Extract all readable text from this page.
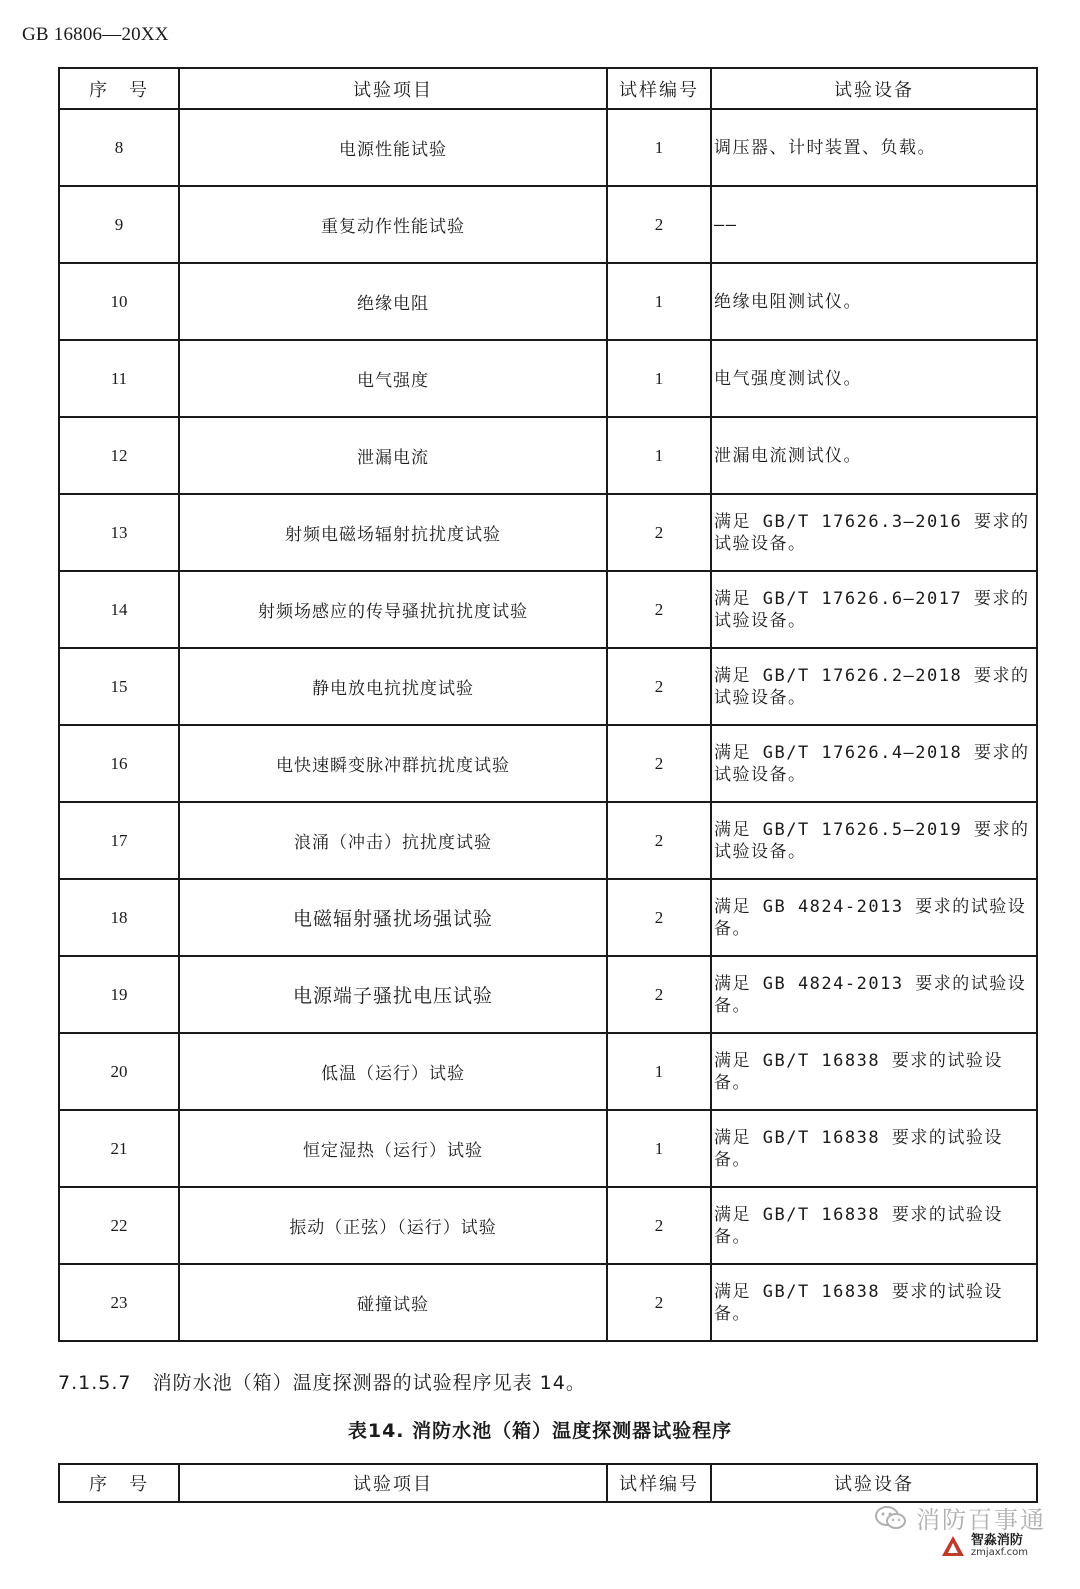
GB 16806—20XX
序　号	试验项目	试样编号	试验设备
8	电源性能试验	1	调压器、计时装置、负载。
9	重复动作性能试验	2	——
10	绝缘电阻	1	绝缘电阻测试仪。
11	电气强度	1	电气强度测试仪。
12	泄漏电流	1	泄漏电流测试仪。
13	射频电磁场辐射抗扰度试验	2	满足 GB/T 17626.3—2016 要求的试验设备。
14	射频场感应的传导骚扰抗扰度试验	2	满足 GB/T 17626.6—2017 要求的试验设备。
15	静电放电抗扰度试验	2	满足 GB/T 17626.2—2018 要求的试验设备。
16	电快速瞬变脉冲群抗扰度试验	2	满足 GB/T 17626.4—2018 要求的试验设备。
17	浪涌（冲击）抗扰度试验	2	满足 GB/T 17626.5—2019 要求的试验设备。
18	电磁辐射骚扰场强试验	2	满足 GB 4824-2013 要求的试验设备。
19	电源端子骚扰电压试验	2	满足 GB 4824-2013 要求的试验设备。
20	低温（运行）试验	1	满足 GB/T 16838 要求的试验设备。
21	恒定湿热（运行）试验	1	满足 GB/T 16838 要求的试验设备。
22	振动（正弦）（运行）试验	2	满足 GB/T 16838 要求的试验设备。
23	碰撞试验	2	满足 GB/T 16838 要求的试验设备。
7.1.5.7 消防水池（箱）温度探测器的试验程序见表 14。
表14. 消防水池（箱）温度探测器试验程序
序　号	试验项目	试样编号	试验设备
消防百事通
智淼消防
zmjaxf.com
